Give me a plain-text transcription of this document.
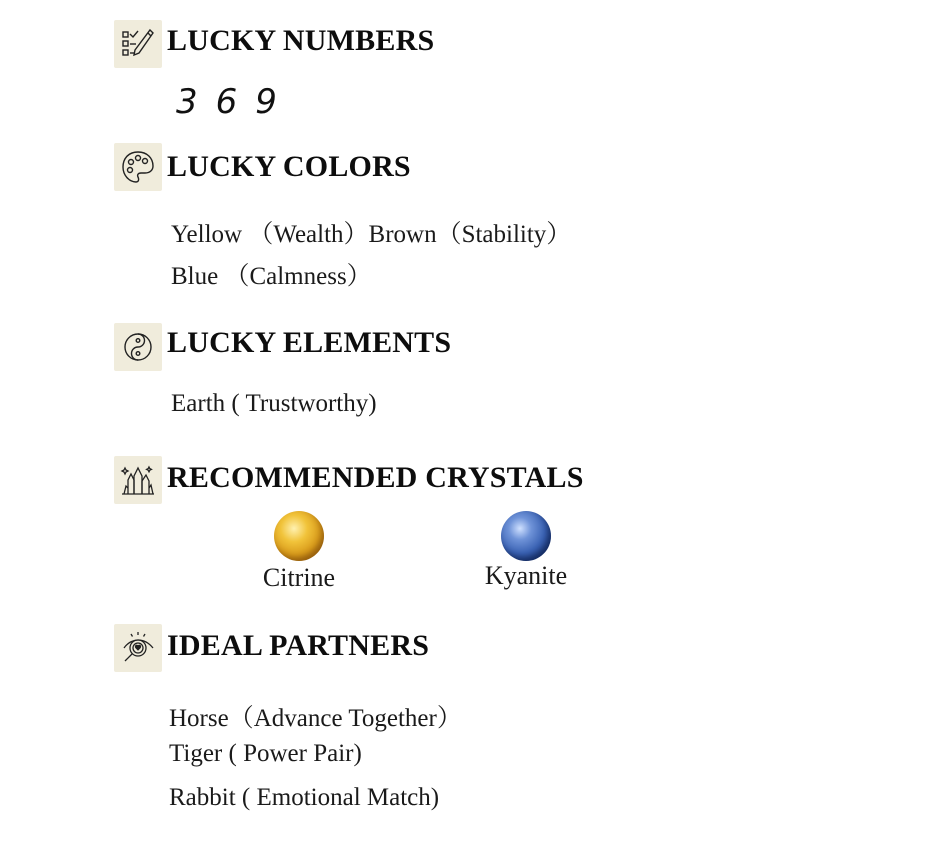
LUCKY NUMBERS
3 6 9
LUCKY COLORS
Yellow （Wealth）Brown（Stability）
Blue （Calmness）
LUCKY ELEMENTS
Earth ( Trustworthy)
RECOMMENDED CRYSTALS
Citrine	Kyanite
IDEAL PARTNERS
Horse（Advance Together）
Tiger ( Power Pair)
Rabbit ( Emotional Match)
